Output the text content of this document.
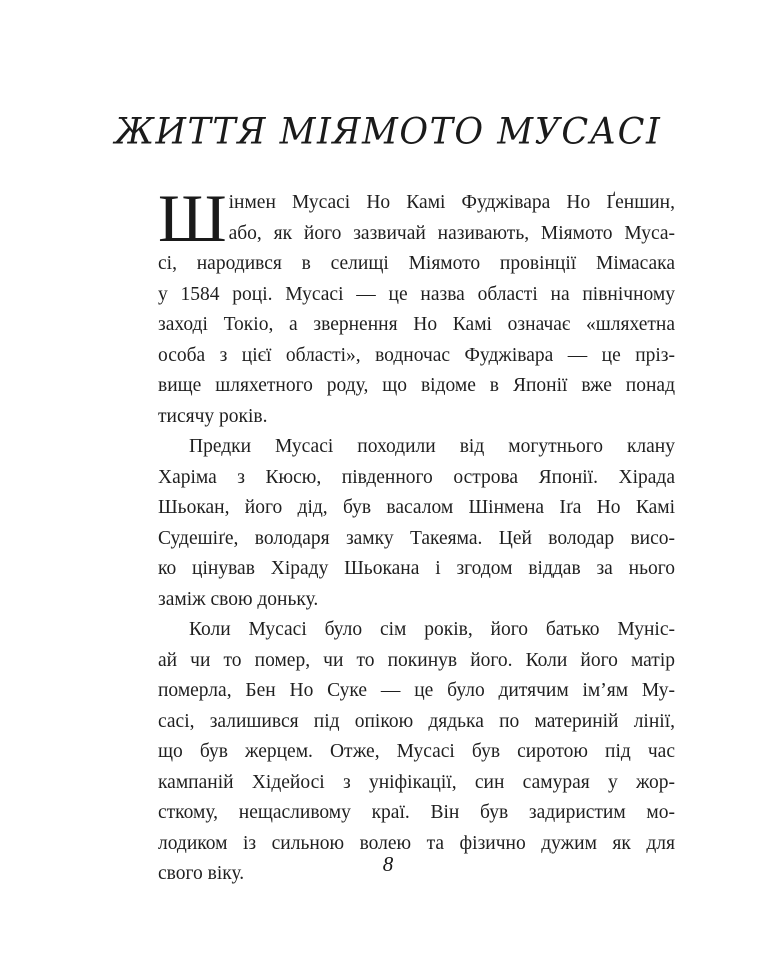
ЖИТТЯ МІЯМОТО МУСАСІ
Ш інмен Мусасі Но Камі Фуджівара Но Ґеншин,
або, як його зазвичай називають, Міямото Муса-
сі, народився в селищі Міямото провінції Мімасака
у 1584 році. Мусасі — це назва області на північному
заході Токіо, а звернення Но Камі означає «шляхетна
особа з цієї області», водночас Фуджівара — це пріз-
вище шляхетного роду, що відоме в Японії вже понад
тисячу років.
Предки Мусасі походили від могутнього клану
Харіма з Кюсю, південного острова Японії. Хірада
Шьокан, його дід, був васалом Шінмена Іґа Но Камі
Судешіґе, володаря замку Такеяма. Цей володар висо-
ко цінував Хіраду Шьокана і згодом віддав за нього
заміж свою доньку.
Коли Мусасі було сім років, його батько Муніс-
ай чи то помер, чи то покинув його. Коли його матір
померла, Бен Но Суке — це було дитячим ім’ям Му-
сасі, залишився під опікою дядька по материній лінії,
що був жерцем. Отже, Мусасі був сиротою під час
кампаній Хідейосі з уніфікації, син самурая у жор-
сткому, нещасливому краї. Він був задиристим мо-
лодиком із сильною волею та фізично дужим як для
свого віку.	8
